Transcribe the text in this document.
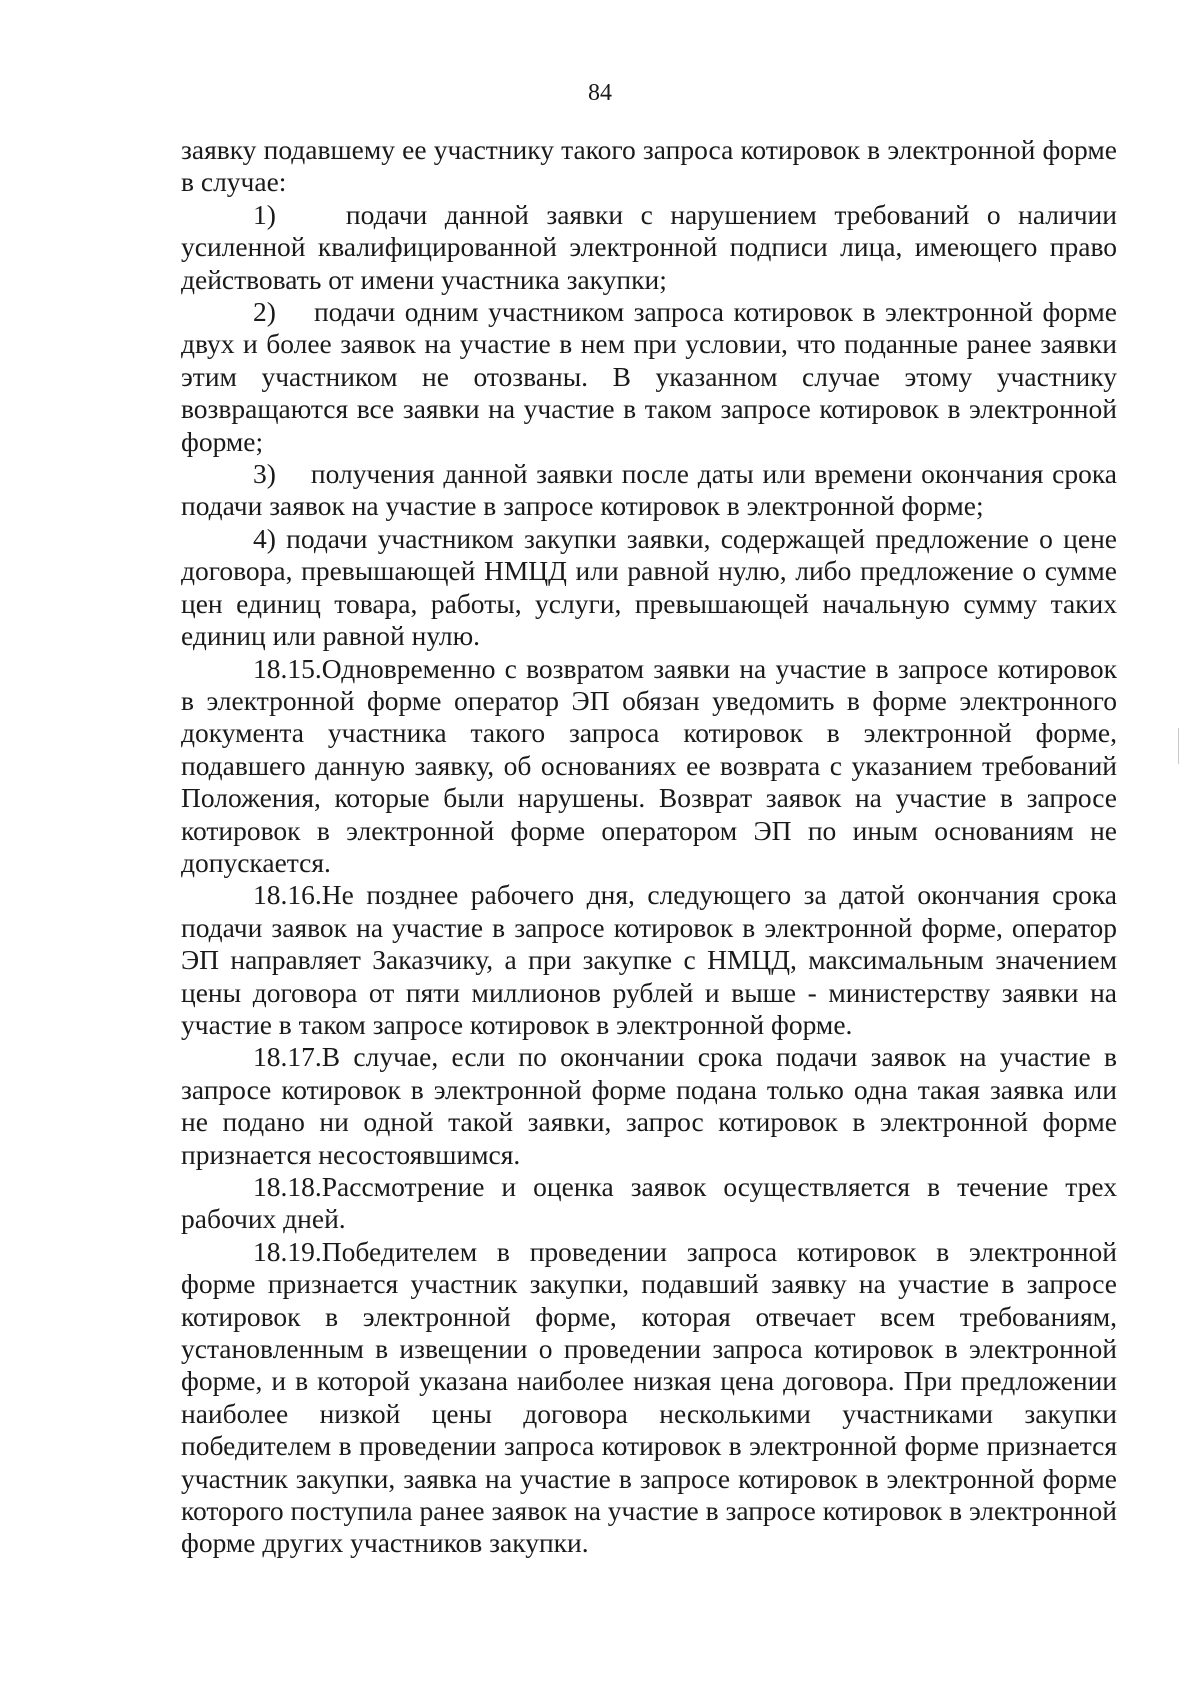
84

заявку подавшему ее участнику такого запроса котировок в электронной форме в случае:

1)    подачи данной заявки с нарушением требований о наличии усиленной квалифицированной электронной подписи лица, имеющего право действовать от имени участника закупки;

2)    подачи одним участником запроса котировок в электронной форме двух и более заявок на участие в нем при условии, что поданные ранее заявки этим участником не отозваны. В указанном случае этому участнику возвращаются все заявки на участие в таком запросе котировок в электронной форме;

3)    получения данной заявки после даты или времени окончания срока подачи заявок на участие в запросе котировок в электронной форме;

4) подачи участником закупки заявки, содержащей предложение о цене договора, превышающей НМЦД или равной нулю, либо предложение о сумме цен единиц товара, работы, услуги, превышающей начальную сумму таких единиц или равной нулю.

18.15.Одновременно с возвратом заявки на участие в запросе котировок в электронной форме оператор ЭП обязан уведомить в форме электронного документа участника такого запроса котировок в электронной форме, подавшего данную заявку, об основаниях ее возврата с указанием требований Положения, которые были нарушены. Возврат заявок на участие в запросе котировок в электронной форме оператором ЭП по иным основаниям не допускается.

18.16.Не позднее рабочего дня, следующего за датой окончания срока подачи заявок на участие в запросе котировок в электронной форме, оператор ЭП направляет Заказчику, а при закупке с НМЦД, максимальным значением цены договора от пяти миллионов рублей и выше - министерству заявки на участие в таком запросе котировок в электронной форме.

18.17.В случае, если по окончании срока подачи заявок на участие в запросе котировок в электронной форме подана только одна такая заявка или не подано ни одной такой заявки, запрос котировок в электронной форме признается несостоявшимся.

18.18.Рассмотрение и оценка заявок осуществляется в течение трех рабочих дней.

18.19.Победителем в проведении запроса котировок в электронной форме признается участник закупки, подавший заявку на участие в запросе котировок в электронной форме, которая отвечает всем требованиям, установленным в извещении о проведении запроса котировок в электронной форме, и в которой указана наиболее низкая цена договора. При предложении наиболее низкой цены договора несколькими участниками закупки победителем в проведении запроса котировок в электронной форме признается участник закупки, заявка на участие в запросе котировок в электронной форме которого поступила ранее заявок на участие в запросе котировок в электронной форме других участников закупки.
